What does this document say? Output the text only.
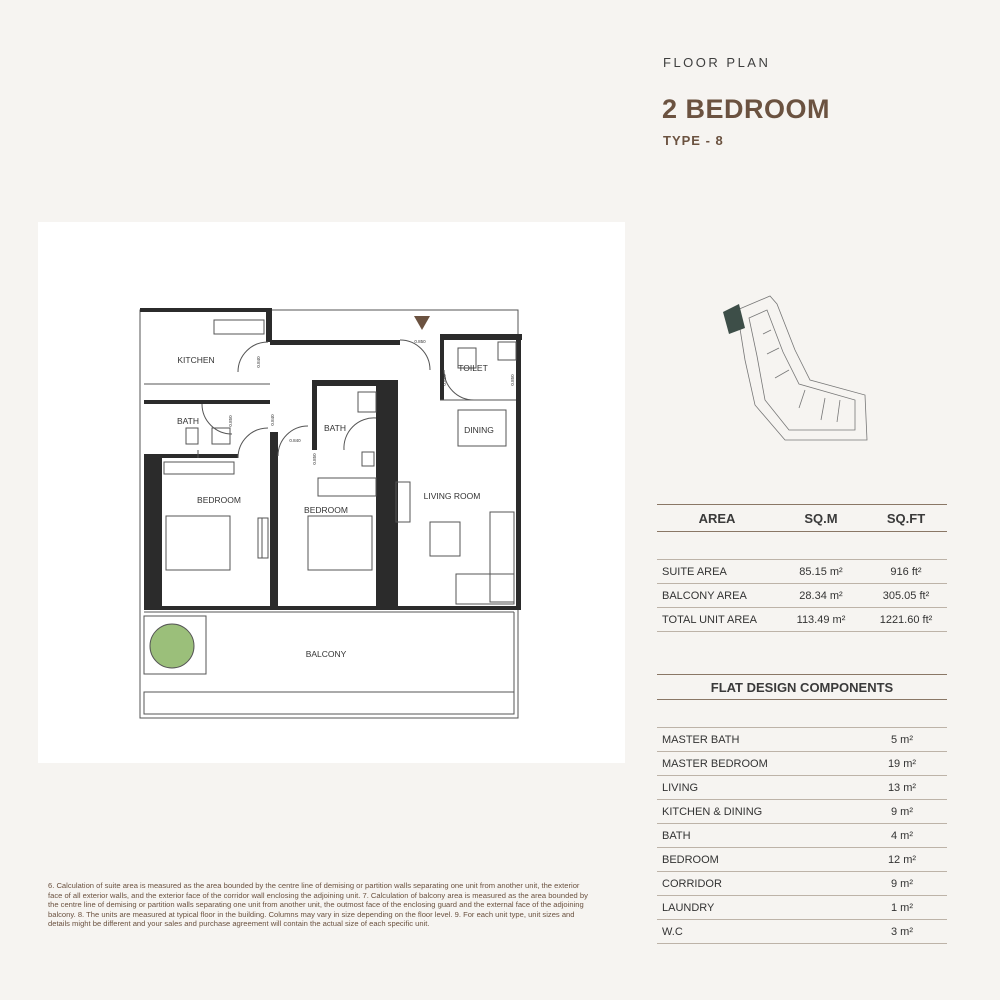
FLOOR PLAN
2 BEDROOM
TYPE - 8
KITCHEN
BATH
BATH
TOILET
DINING
LIVING ROOM
BEDROOM
BEDROOM
BALCONY
0.840
0.850	0.840
0.840
0.850
0.850
0.850	0.850
AREA	SQ.M	SQ.FT
SUITE AREA	85.15 m²	916 ft²
BALCONY AREA	28.34 m²	305.05 ft²
TOTAL UNIT AREA	113.49 m²	1221.60 ft²
FLAT DESIGN COMPONENTS
MASTER BATH	5 m²
MASTER BEDROOM	19 m²
LIVING	13 m²
KITCHEN & DINING	9 m²
BATH	4 m²
BEDROOM	12 m²
CORRIDOR	9 m²
LAUNDRY	1 m²
W.C	3 m²
6. Calculation of suite area is measured as the area bounded by the centre line of demising or partition walls separating one unit from another unit, the exterior face of all exterior walls, and the exterior face of the corridor wall enclosing the adjoining unit. 7. Calculation of balcony area is measured as the area bounded by the centre line of demising or partition walls separating one unit from another unit, the outmost face of the enclosing guard and the external face of the adjoining balcony. 8. The units are measured at typical floor in the building. Columns may vary in size depending on the floor level. 9. For each unit type, unit sizes and details might be different and your sales and purchase agreement will contain the actual size of each specific unit.
